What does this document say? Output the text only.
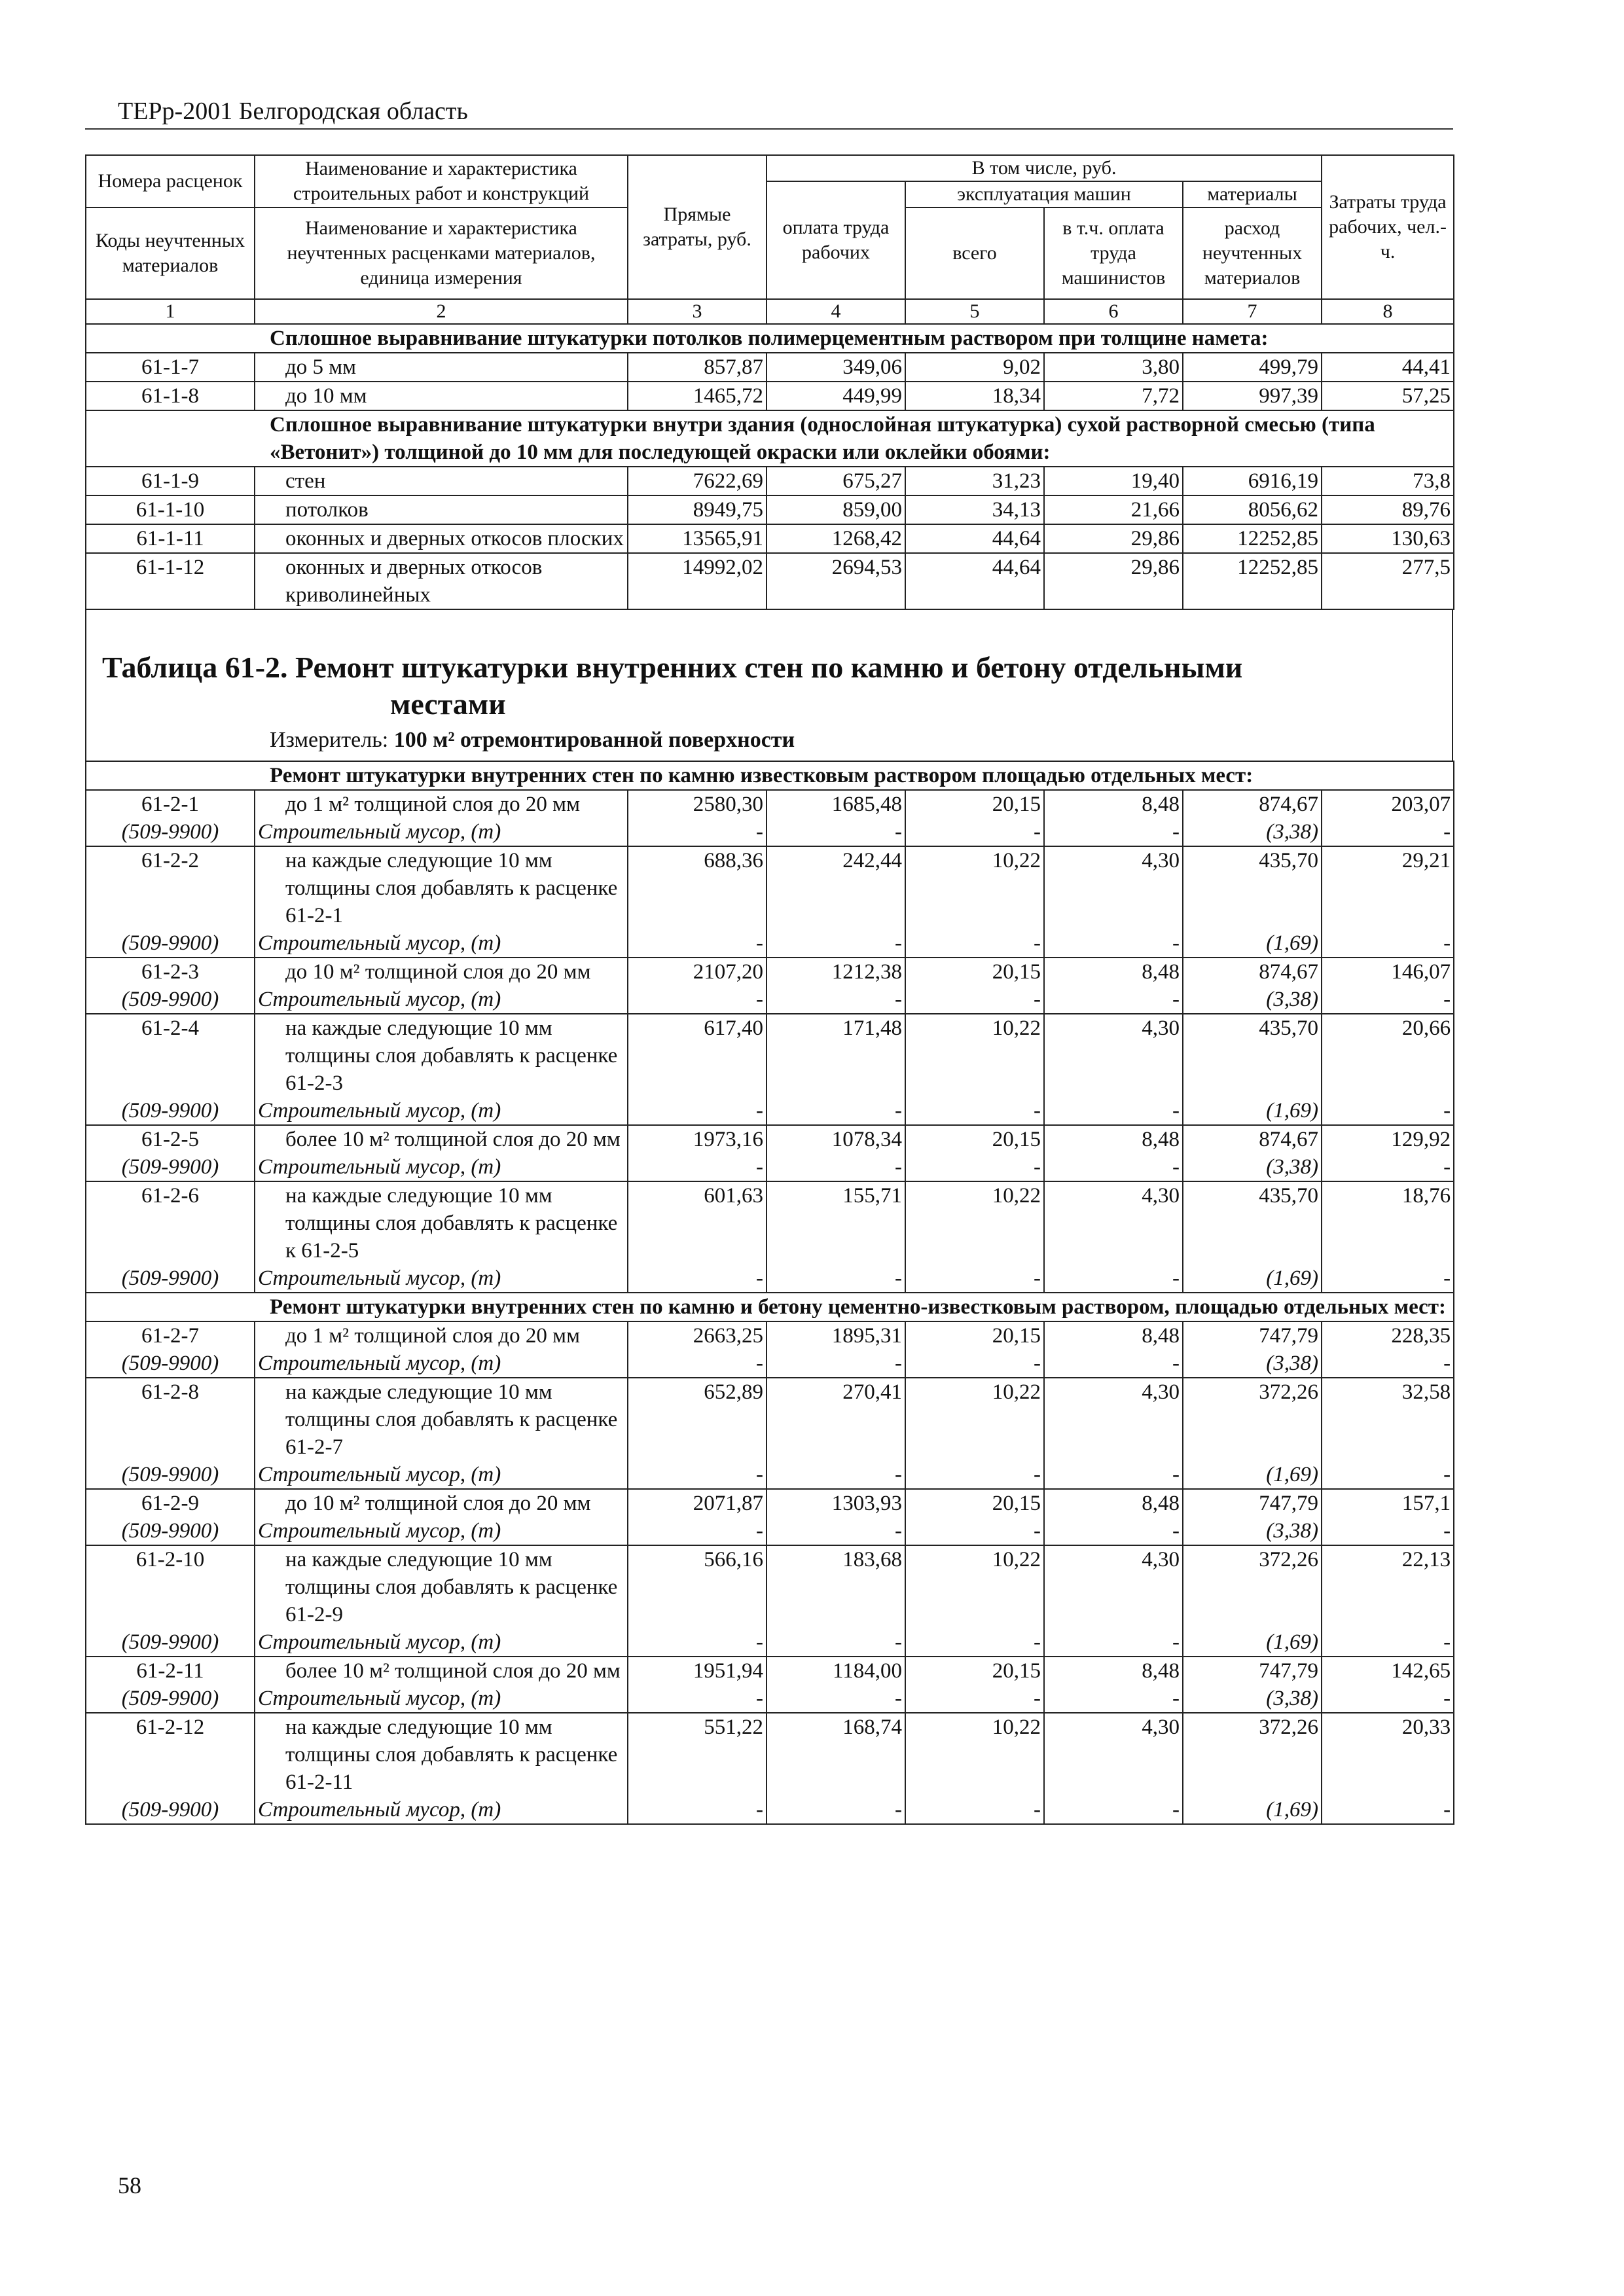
ТЕРр-2001 Белгородская область
Номера расценок	Наименование и характеристика строительных работ и конструкций	Прямые затраты, руб.	В том числе, руб.				Затраты труда рабочих, чел.-ч.
			оплата труда рабочих	эксплуатация машин		материалы	
Коды неучтенных материалов	Наименование и характеристика неучтенных расценками материалов, единица измерения			всего	в т.ч. оплата труда машинистов	расход неучтенных материалов	

1	2	3	4	5	6	7	8
Сплошное выравнивание штукатурки потолков полимерцементным раствором при толщине намета:							
61-1-7	до 5 мм	857,87	349,06	9,02	3,80	499,79	44,41
61-1-8	до 10 мм	1465,72	449,99	18,34	7,72	997,39	57,25
Сплошное выравнивание штукатурки внутри здания (однослойная штукатурка) сухой растворной смесью (типа «Ветонит») толщиной до 10 мм для последующей окраски или оклейки обоями:							
61-1-9	стен	7622,69	675,27	31,23	19,40	6916,19	73,8
61-1-10	потолков	8949,75	859,00	34,13	21,66	8056,62	89,76
61-1-11	оконных и дверных откосов плоских	13565,91	1268,42	44,64	29,86	12252,85	130,63
61-1-12	оконных и дверных откосов криволинейных	14992,02	2694,53	44,64	29,86	12252,85	277,5
Таблица 61-2. Ремонт штукатурки внутренних стен по камню и бетону отдельными
местами
Измеритель: 100 м² отремонтированной поверхности
Ремонт штукатурки внутренних стен по камню известковым раствором площадью отдельных мест:							
61-2-1	до 1 м² толщиной слоя до 20 мм	2580,30	1685,48	20,15	8,48	874,67	203,07
(509-9900)	Строительный мусор, (т)	-	-	-	-	(3,38)	-
61-2-2	на каждые следующие 10 мм толщины слоя добавлять к расценке 61-2-1	688,36	242,44	10,22	4,30	435,70	29,21
(509-9900)	Строительный мусор, (т)	-	-	-	-	(1,69)	-
61-2-3	до 10 м² толщиной слоя до 20 мм	2107,20	1212,38	20,15	8,48	874,67	146,07
(509-9900)	Строительный мусор, (т)	-	-	-	-	(3,38)	-
61-2-4	на каждые следующие 10 мм толщины слоя добавлять к расценке 61-2-3	617,40	171,48	10,22	4,30	435,70	20,66
(509-9900)	Строительный мусор, (т)	-	-	-	-	(1,69)	-
61-2-5	более 10 м² толщиной слоя до 20 мм	1973,16	1078,34	20,15	8,48	874,67	129,92
(509-9900)	Строительный мусор, (т)	-	-	-	-	(3,38)	-
61-2-6	на каждые следующие 10 мм толщины слоя добавлять к расценке к 61-2-5	601,63	155,71	10,22	4,30	435,70	18,76
(509-9900)	Строительный мусор, (т)	-	-	-	-	(1,69)	-
Ремонт штукатурки внутренних стен по камню и бетону цементно-известковым раствором, площадью отдельных мест:							
61-2-7	до 1 м² толщиной слоя до 20 мм	2663,25	1895,31	20,15	8,48	747,79	228,35
(509-9900)	Строительный мусор, (т)	-	-	-	-	(3,38)	-
61-2-8	на каждые следующие 10 мм толщины слоя добавлять к расценке 61-2-7	652,89	270,41	10,22	4,30	372,26	32,58
(509-9900)	Строительный мусор, (т)	-	-	-	-	(1,69)	-
61-2-9	до 10 м² толщиной слоя до 20 мм	2071,87	1303,93	20,15	8,48	747,79	157,1
(509-9900)	Строительный мусор, (т)	-	-	-	-	(3,38)	-
61-2-10	на каждые следующие 10 мм толщины слоя добавлять к расценке 61-2-9	566,16	183,68	10,22	4,30	372,26	22,13
(509-9900)	Строительный мусор, (т)	-	-	-	-	(1,69)	-
61-2-11	более 10 м² толщиной слоя до 20 мм	1951,94	1184,00	20,15	8,48	747,79	142,65
(509-9900)	Строительный мусор, (т)	-	-	-	-	(3,38)	-
61-2-12	на каждые следующие 10 мм толщины слоя добавлять к расценке 61-2-11	551,22	168,74	10,22	4,30	372,26	20,33
(509-9900)	Строительный мусор, (т)	-	-	-	-	(1,69)	-
58
